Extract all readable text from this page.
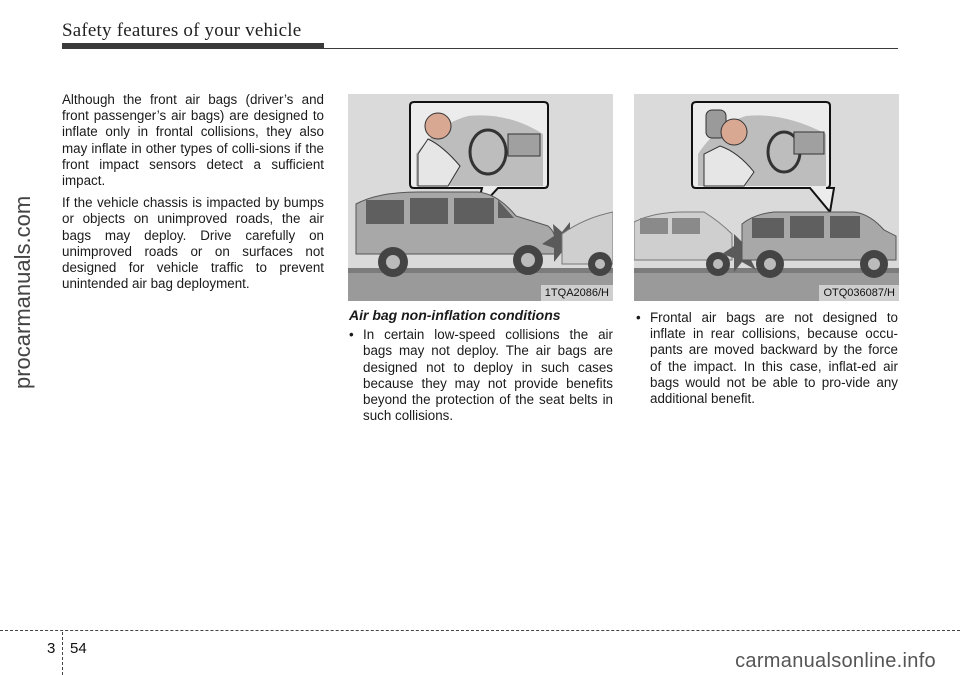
Safety features of your vehicle
procarmanuals.com

Although the front air bags (driver’s and front passenger’s air bags) are designed to inflate only in frontal collisions, they also may inflate in other types of colli-sions if the front impact sensors detect a sufficient impact.

If the vehicle chassis is impacted by bumps or objects on unimproved roads, the air bags may deploy. Drive carefully on unimproved roads or on surfaces not designed for vehicle traffic to prevent unintended air bag deployment.

1TQA2086/H	OTQ036087/H
Air bag non-inflation conditions
• In certain low-speed collisions the air bags may not deploy. The air bags are designed not to deploy in such cases because they may not provide benefits beyond the protection of the seat belts in such collisions.
• Frontal air bags are not designed to inflate in rear collisions, because occu-pants are moved backward by the force of the impact. In this case, inflat-ed air bags would not be able to pro-vide any additional benefit.
3 54
carmanualsonline.info
